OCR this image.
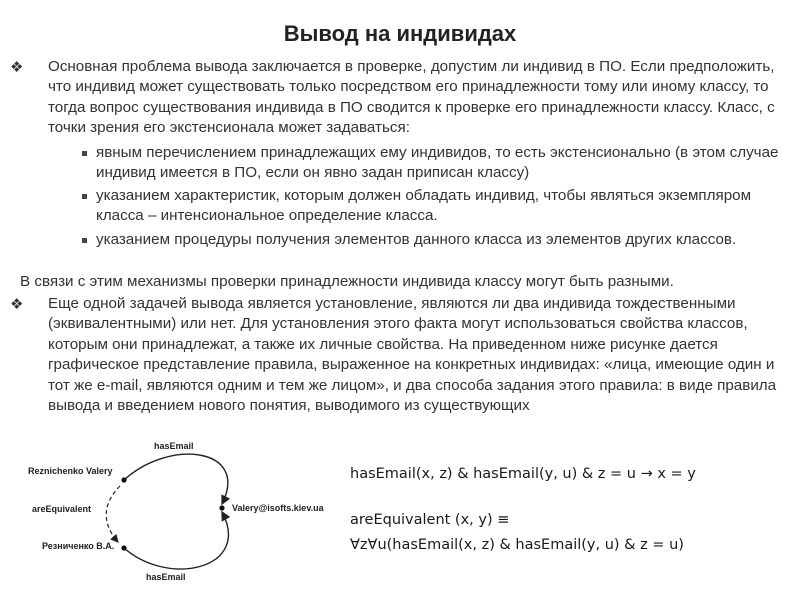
Вывод на индивидах
❖ Основная проблема вывода заключается в проверке, допустим ли индивид в ПО. Если предположить, что индивид может существовать только посредством его принадлежности тому или иному классу, то тогда вопрос существования индивида в ПО сводится к проверке его принадлежности классу. Класс, с точки зрения его экстенсионала может задаваться:

явным перечислением принадлежащих ему индивидов, то есть экстенсионально (в этом случае индивид имеется в ПО, если он явно задан приписан классу)

указанием характеристик, которым должен обладать индивид, чтобы являться экземпляром класса – интенсиональное определение класса.

указанием процедуры получения элементов данного класса из элементов других классов.

В связи с этим механизмы проверки принадлежности индивида классу могут быть разными.

❖ Еще одной задачей вывода является установление, являются ли два индивида тождественными (эквивалентными) или нет. Для установления этого факта могут использоваться свойства классов, которым они принадлежат, а также их личные свойства. На приведенном ниже рисунке дается графическое представление правила, выраженное на конкретных индивидах: «лица, имеющие один и тот же e-mail, являются одним и тем же лицом», и два способа задания этого правила: в виде правила вывода и введением нового понятия, выводимого из существующих

Reznichenko Valery
Резниченко В.А.
Valery@isofts.kiev.ua
hasEmail
hasEmail
areEquivalent
hasEmail(x, z) & hasEmail(y, u) & z = u → x = y
areEquivalent (x, y) ≡
∀z∀u(hasEmail(x, z) & hasEmail(y, u) & z = u)
